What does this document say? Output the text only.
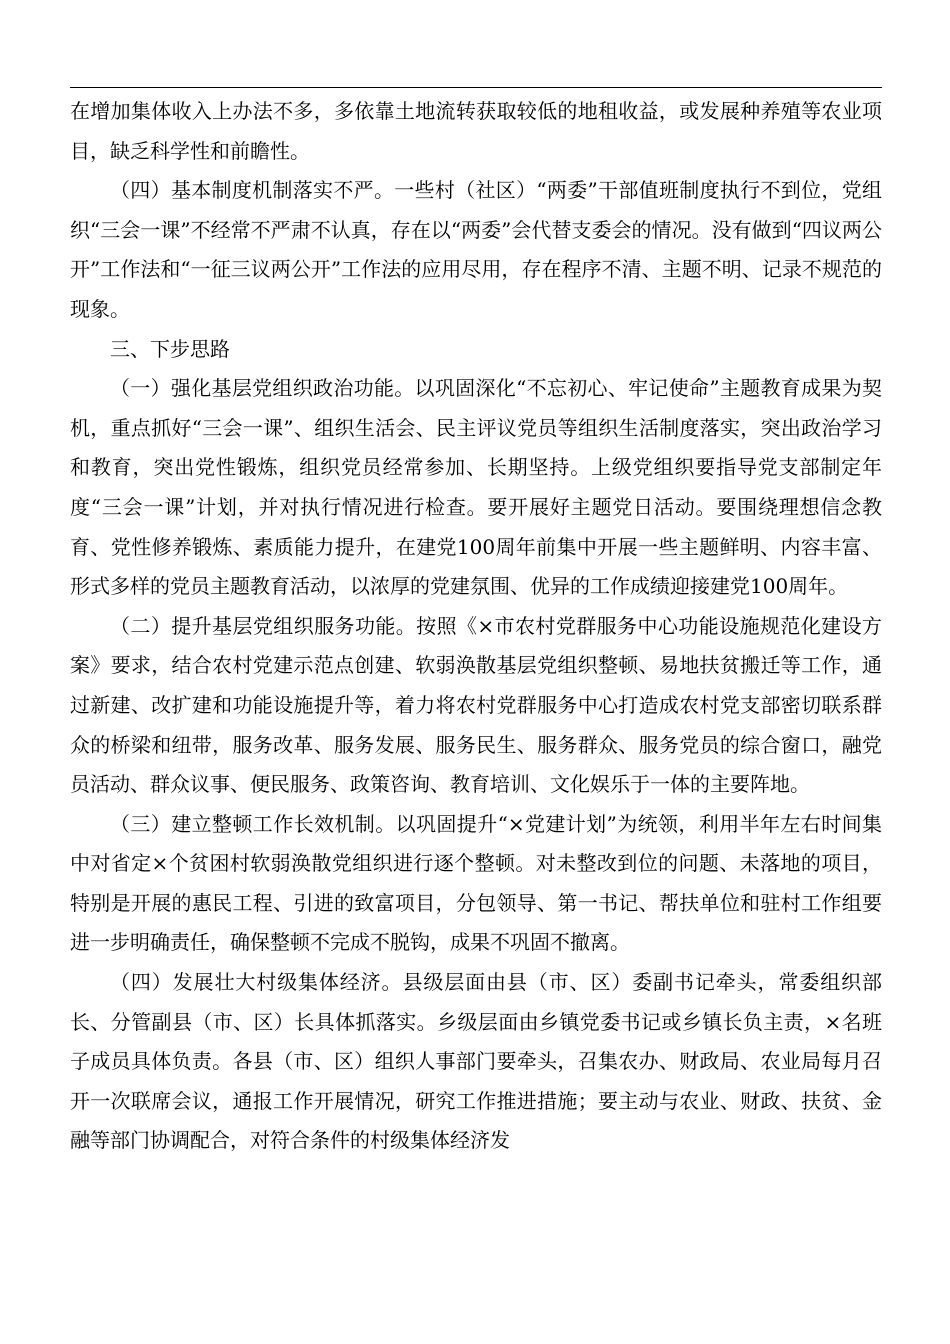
在增加集体收入上办法不多，多依靠土地流转获取较低的地租收益，或发展种养殖等农业项目，缺乏科学性和前瞻性。

（四）基本制度机制落实不严。一些村（社区）“两委”干部值班制度执行不到位，党组织“三会一课”不经常不严肃不认真，存在以“两委”会代替支委会的情况。没有做到“四议两公开”工作法和“一征三议两公开”工作法的应用尽用，存在程序不清、主题不明、记录不规范的现象。

三、下步思路

（一）强化基层党组织政治功能。以巩固深化“不忘初心、牢记使命”主题教育成果为契机，重点抓好“三会一课”、组织生活会、民主评议党员等组织生活制度落实，突出政治学习和教育，突出党性锻炼，组织党员经常参加、长期坚持。上级党组织要指导党支部制定年度“三会一课”计划，并对执行情况进行检查。要开展好主题党日活动。要围绕理想信念教育、党性修养锻炼、素质能力提升，在建党100周年前集中开展一些主题鲜明、内容丰富、形式多样的党员主题教育活动，以浓厚的党建氛围、优异的工作成绩迎接建党100周年。

（二）提升基层党组织服务功能。按照《×市农村党群服务中心功能设施规范化建设方案》要求，结合农村党建示范点创建、软弱涣散基层党组织整顿、易地扶贫搬迁等工作，通过新建、改扩建和功能设施提升等，着力将农村党群服务中心打造成农村党支部密切联系群众的桥梁和纽带，服务改革、服务发展、服务民生、服务群众、服务党员的综合窗口，融党员活动、群众议事、便民服务、政策咨询、教育培训、文化娱乐于一体的主要阵地。

（三）建立整顿工作长效机制。以巩固提升“×党建计划”为统领，利用半年左右时间集中对省定×个贫困村软弱涣散党组织进行逐个整顿。对未整改到位的问题、未落地的项目，特别是开展的惠民工程、引进的致富项目，分包领导、第一书记、帮扶单位和驻村工作组要进一步明确责任，确保整顿不完成不脱钩，成果不巩固不撤离。

（四）发展壮大村级集体经济。县级层面由县（市、区）委副书记牵头，常委组织部长、分管副县（市、区）长具体抓落实。乡级层面由乡镇党委书记或乡镇长负主责，×名班子成员具体负责。各县（市、区）组织人事部门要牵头，召集农办、财政局、农业局每月召开一次联席会议，通报工作开展情况，研究工作推进措施；要主动与农业、财政、扶贫、金融等部门协调配合，对符合条件的村级集体经济发
